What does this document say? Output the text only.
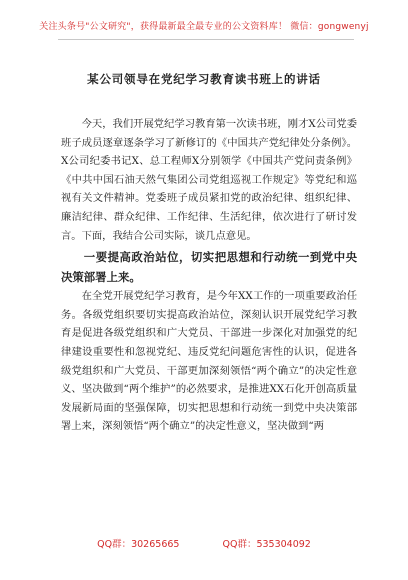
关注头条号"公文研究"，获得最新最全最专业的公文资料库！ 微信：gongwenyj
某公司领导在党纪学习教育读书班上的讲话

今天，我们开展党纪学习教育第一次读书班，刚才X公司党委班子成员逐章逐条学习了新修订的《中国共产党纪律处分条例》。X公司纪委书记X、总工程师X分别领学《中国共产党问责条例》《中共中国石油天然气集团公司党组巡视工作规定》等党纪和巡视有关文件精神。党委班子成员紧扣党的政治纪律、组织纪律、廉洁纪律、群众纪律、工作纪律、生活纪律，依次进行了研讨发言。下面，我结合公司实际，谈几点意见。

一要提高政治站位，切实把思想和行动统一到党中央决策部署上来。

在全党开展党纪学习教育，是今年XX工作的一项重要政治任务。各级党组织要切实提高政治站位，深刻认识开展党纪学习教育是促进各级党组织和广大党员、干部进一步深化对加强党的纪律建设重要性和忽视党纪、违反党纪问题危害性的认识，促进各级党组织和广大党员、干部更加深刻领悟“两个确立”的决定性意义、坚决做到“两个维护”的必然要求，是推进XX石化开创高质量发展新局面的坚强保障，切实把思想和行动统一到党中央决策部署上来，深刻领悟“两个确立”的决定性意义，坚决做到“两

QQ群：30265665	QQ群：535304092
